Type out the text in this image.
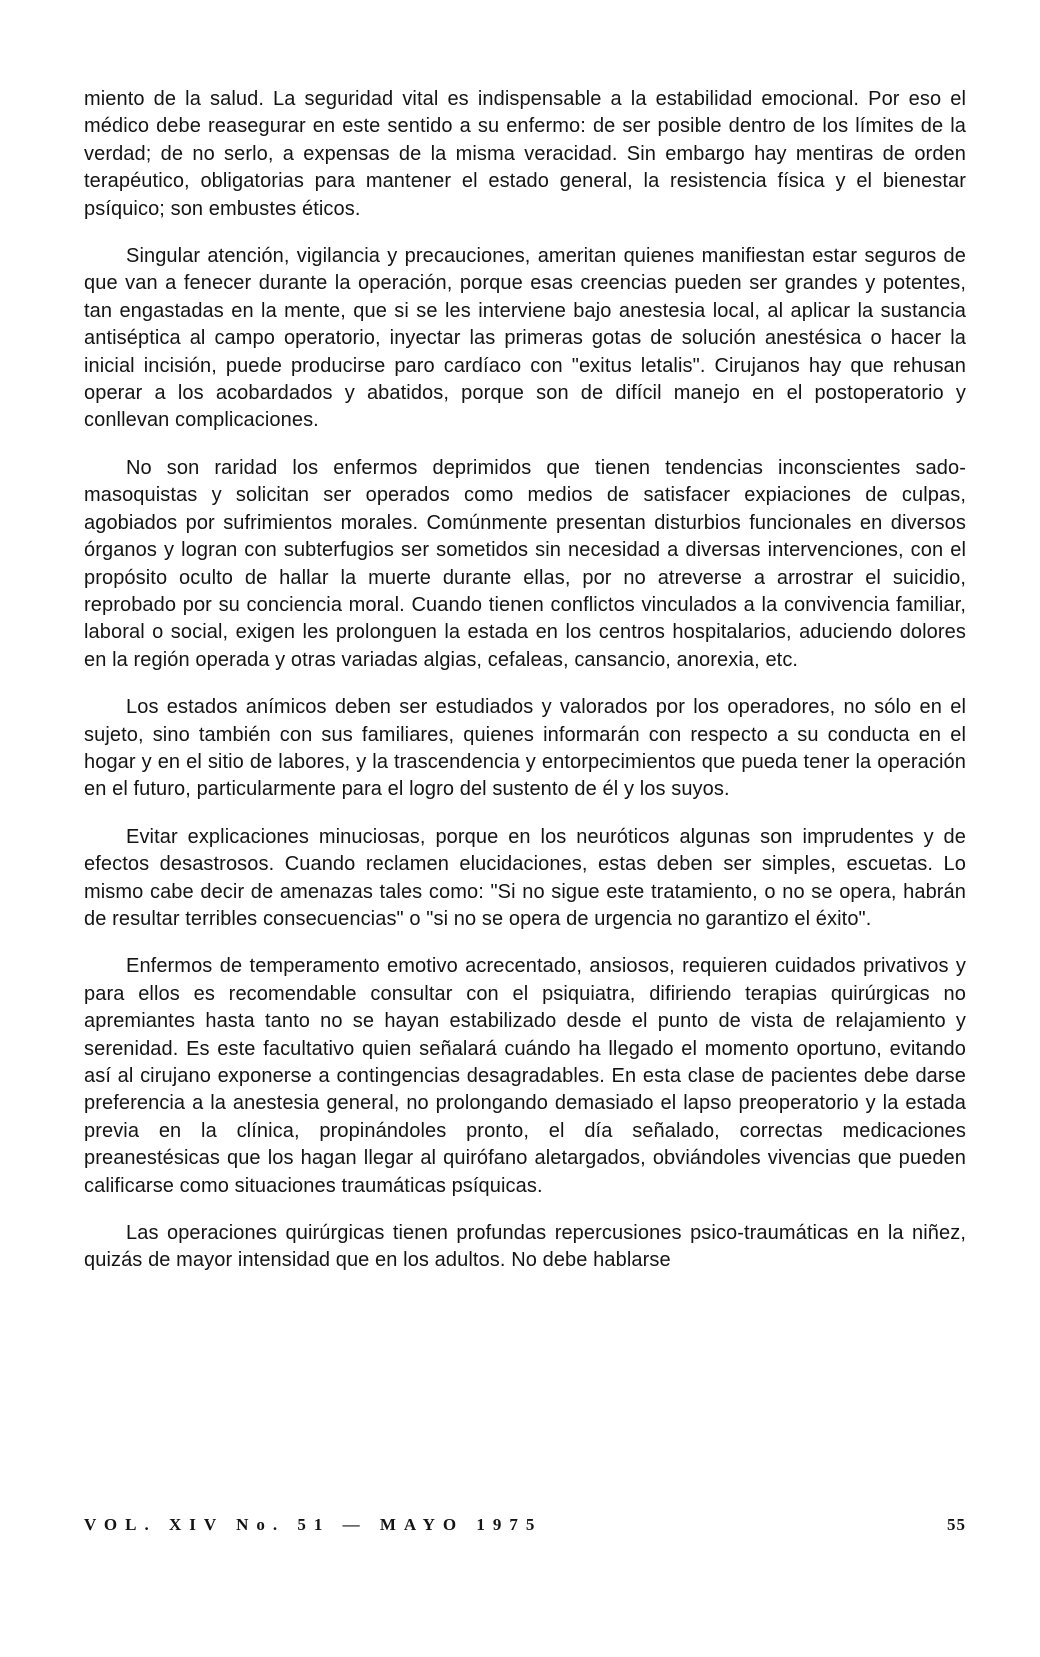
miento de la salud. La seguridad vital es indispensable a la estabilidad emocional. Por eso el médico debe reasegurar en este sentido a su enfermo: de ser posible dentro de los límites de la verdad; de no serlo, a expensas de la misma veracidad. Sin embargo hay mentiras de orden terapéutico, obligatorias para mantener el estado general, la resistencia física y el bienestar psíquico; son embustes éticos.

Singular atención, vigilancia y precauciones, ameritan quienes manifiestan estar seguros de que van a fenecer durante la operación, porque esas creencias pueden ser grandes y potentes, tan engastadas en la mente, que si se les interviene bajo anestesia local, al aplicar la sustancia antiséptica al campo operatorio, inyectar las primeras gotas de solución anestésica o hacer la inicial incisión, puede producirse paro cardíaco con "exitus letalis". Cirujanos hay que rehusan operar a los acobardados y abatidos, porque son de difícil manejo en el postoperatorio y conllevan complicaciones.

No son raridad los enfermos deprimidos que tienen tendencias inconscientes sado-masoquistas y solicitan ser operados como medios de satisfacer expiaciones de culpas, agobiados por sufrimientos morales. Comúnmente presentan disturbios funcionales en diversos órganos y logran con subterfugios ser sometidos sin necesidad a diversas intervenciones, con el propósito oculto de hallar la muerte durante ellas, por no atreverse a arrostrar el suicidio, reprobado por su conciencia moral. Cuando tienen conflictos vinculados a la convivencia familiar, laboral o social, exigen les prolonguen la estada en los centros hospitalarios, aduciendo dolores en la región operada y otras variadas algias, cefaleas, cansancio, anorexia, etc.

Los estados anímicos deben ser estudiados y valorados por los operadores, no sólo en el sujeto, sino también con sus familiares, quienes informarán con respecto a su conducta en el hogar y en el sitio de labores, y la trascendencia y entorpecimientos que pueda tener la operación en el futuro, particularmente para el logro del sustento de él y los suyos.

Evitar explicaciones minuciosas, porque en los neuróticos algunas son imprudentes y de efectos desastrosos. Cuando reclamen elucidaciones, estas deben ser simples, escuetas. Lo mismo cabe decir de amenazas tales como: "Si no sigue este tratamiento, o no se opera, habrán de resultar terribles consecuencias" o "si no se opera de urgencia no garantizo el éxito".

Enfermos de temperamento emotivo acrecentado, ansiosos, requieren cuidados privativos y para ellos es recomendable consultar con el psiquiatra, difiriendo terapias quirúrgicas no apremiantes hasta tanto no se hayan estabilizado desde el punto de vista de relajamiento y serenidad. Es este facultativo quien señalará cuándo ha llegado el momento oportuno, evitando así al cirujano exponerse a contingencias desagradables. En esta clase de pacientes debe darse preferencia a la anestesia general, no prolongando demasiado el lapso preoperatorio y la estada previa en la clínica, propinándoles pronto, el día señalado, correctas medicaciones preanestésicas que los hagan llegar al quirófano aletargados, obviándoles vivencias que pueden calificarse como situaciones traumáticas psíquicas.

Las operaciones quirúrgicas tienen profundas repercusiones psico-traumáticas en la niñez, quizás de mayor intensidad que en los adultos. No debe hablarse

VOL. XIV No. 51 — MAYO 1975	55
